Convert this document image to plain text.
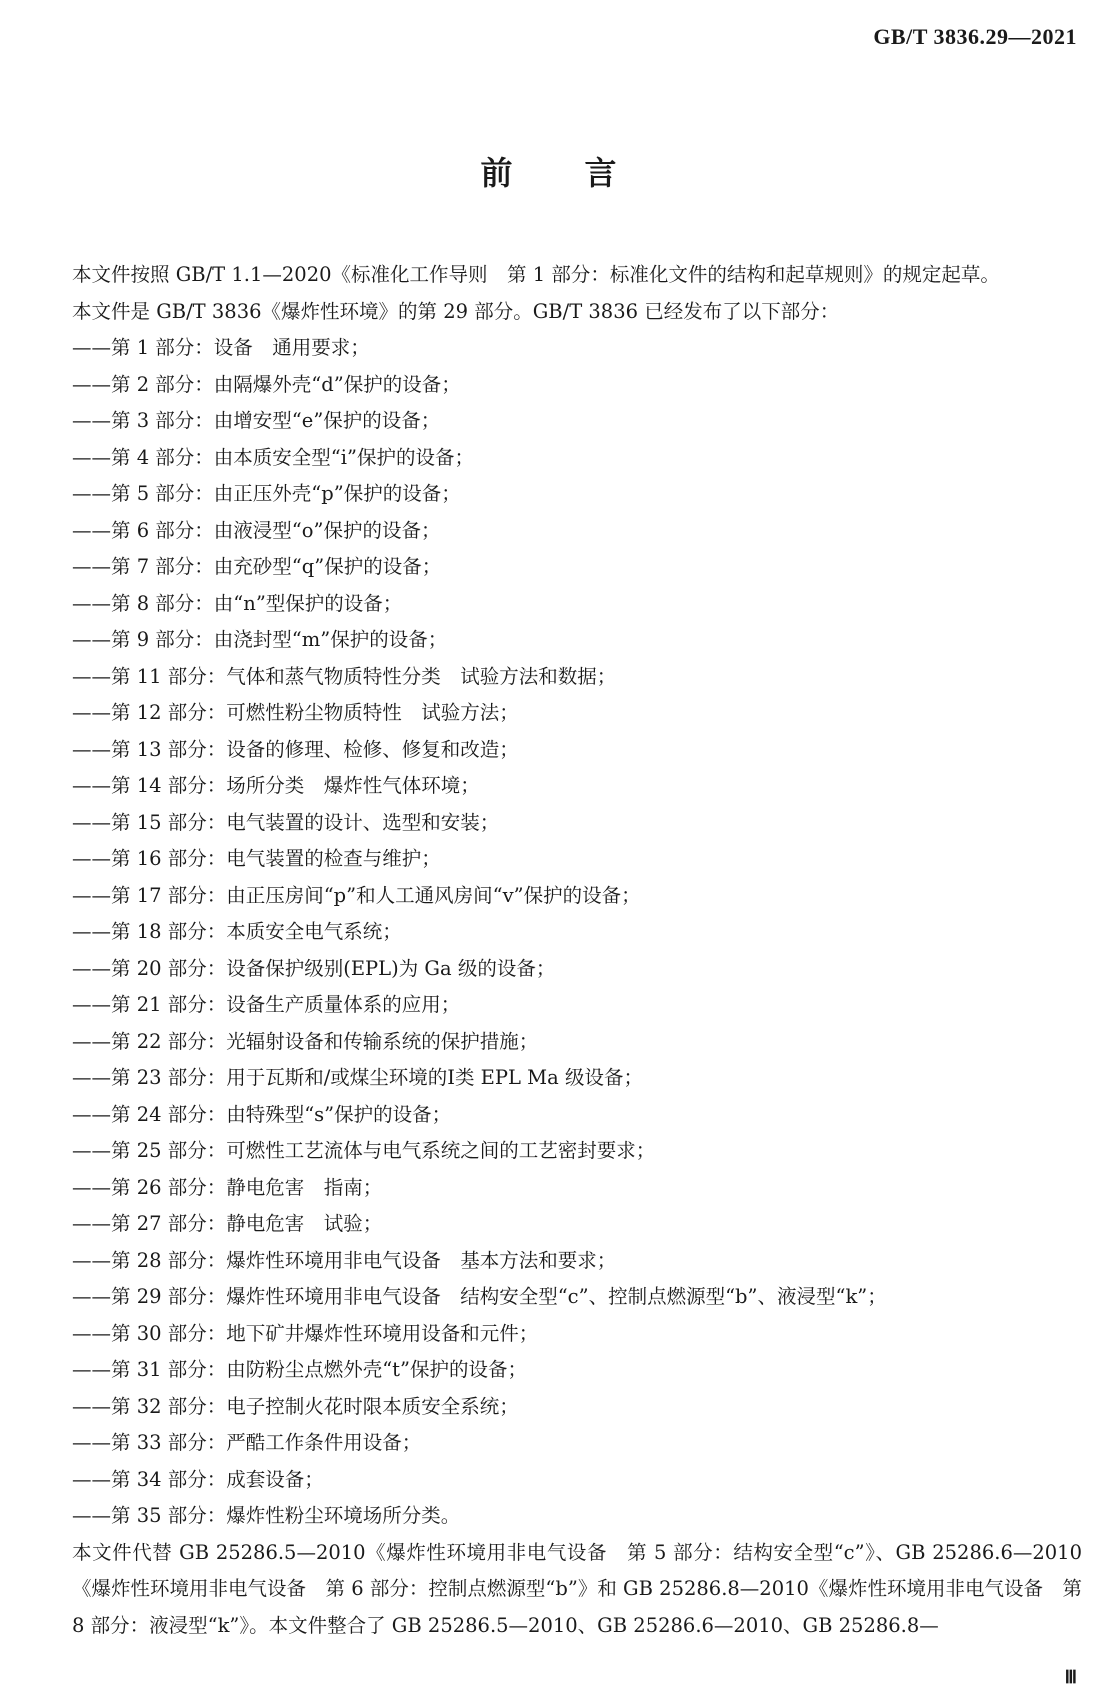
GB/T 3836.29—2021
前 言
本文件按照 GB/T 1.1—2020《标准化工作导则　第 1 部分：标准化文件的结构和起草规则》的规定起草。
本文件是 GB/T 3836《爆炸性环境》的第 29 部分。GB/T 3836 已经发布了以下部分：
——第 1 部分：设备　通用要求；
——第 2 部分：由隔爆外壳“d”保护的设备；
——第 3 部分：由增安型“e”保护的设备；
——第 4 部分：由本质安全型“i”保护的设备；
——第 5 部分：由正压外壳“p”保护的设备；
——第 6 部分：由液浸型“o”保护的设备；
——第 7 部分：由充砂型“q”保护的设备；
——第 8 部分：由“n”型保护的设备；
——第 9 部分：由浇封型“m”保护的设备；
——第 11 部分：气体和蒸气物质特性分类　试验方法和数据；
——第 12 部分：可燃性粉尘物质特性　试验方法；
——第 13 部分：设备的修理、检修、修复和改造；
——第 14 部分：场所分类　爆炸性气体环境；
——第 15 部分：电气装置的设计、选型和安装；
——第 16 部分：电气装置的检查与维护；
——第 17 部分：由正压房间“p”和人工通风房间“v”保护的设备；
——第 18 部分：本质安全电气系统；
——第 20 部分：设备保护级别(EPL)为 Ga 级的设备；
——第 21 部分：设备生产质量体系的应用；
——第 22 部分：光辐射设备和传输系统的保护措施；
——第 23 部分：用于瓦斯和/或煤尘环境的Ⅰ类 EPL Ma 级设备；
——第 24 部分：由特殊型“s”保护的设备；
——第 25 部分：可燃性工艺流体与电气系统之间的工艺密封要求；
——第 26 部分：静电危害　指南；
——第 27 部分：静电危害　试验；
——第 28 部分：爆炸性环境用非电气设备　基本方法和要求；
——第 29 部分：爆炸性环境用非电气设备　结构安全型“c”、控制点燃源型“b”、液浸型“k”；
——第 30 部分：地下矿井爆炸性环境用设备和元件；
——第 31 部分：由防粉尘点燃外壳“t”保护的设备；
——第 32 部分：电子控制火花时限本质安全系统；
——第 33 部分：严酷工作条件用设备；
——第 34 部分：成套设备；
——第 35 部分：爆炸性粉尘环境场所分类。

本文件代替 GB 25286.5—2010《爆炸性环境用非电气设备　第 5 部分：结构安全型“c”》、GB 25286.6—2010《爆炸性环境用非电气设备　第 6 部分：控制点燃源型“b”》和 GB 25286.8—2010《爆炸性环境用非电气设备　第 8 部分：液浸型“k”》。本文件整合了 GB 25286.5—2010、GB 25286.6—2010、GB 25286.8—

Ⅲ
